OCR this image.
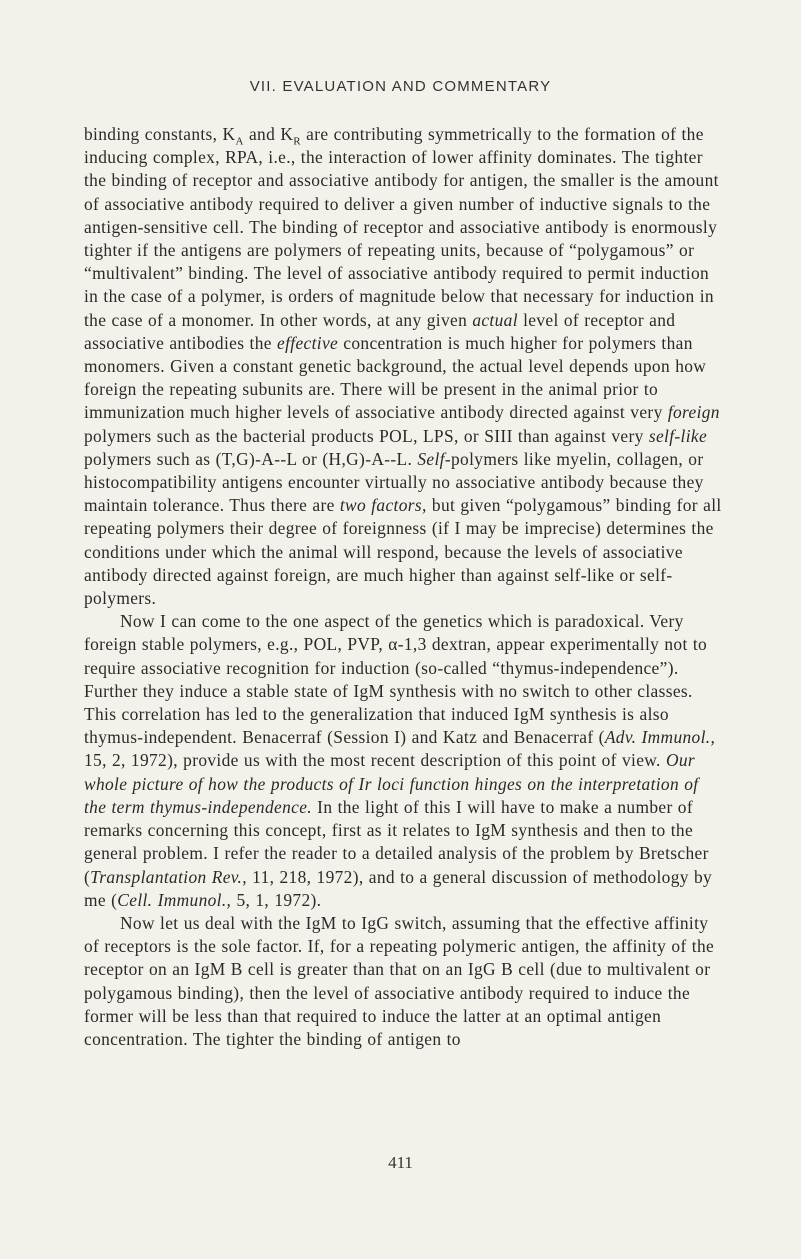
VII. EVALUATION AND COMMENTARY

binding constants, $K_A$ and $K_R$ are contributing symmetrically to the formation of the inducing complex, RPA, i.e., the interaction of lower affinity dominates. The tighter the binding of receptor and associative antibody for antigen, the smaller is the amount of associative antibody required to deliver a given number of inductive signals to the antigen-sensitive cell. The binding of receptor and associative antibody is enormously tighter if the antigens are polymers of repeating units, because of “polygamous” or “multivalent” binding. The level of associative antibody required to permit induction in the case of a polymer, is orders of magnitude below that necessary for induction in the case of a monomer. In other words, at any given actual level of receptor and associative antibodies the effective concentration is much higher for polymers than monomers. Given a constant genetic background, the actual level depends upon how foreign the repeating subunits are. There will be present in the animal prior to immunization much higher levels of associative antibody directed against very foreign polymers such as the bacterial products POL, LPS, or SIII than against very self-like polymers such as (T,G)-A--L or (H,G)-A--L. Self-polymers like myelin, collagen, or histocompatibility antigens encounter virtually no associative antibody because they maintain tolerance. Thus there are two factors, but given “polygamous” binding for all repeating polymers their degree of foreignness (if I may be imprecise) determines the conditions under which the animal will respond, because the levels of associative antibody directed against foreign, are much higher than against self-like or self-polymers.

Now I can come to the one aspect of the genetics which is paradoxical. Very foreign stable polymers, e.g., POL, PVP, α-1,3 dextran, appear experimentally not to require associative recognition for induction (so-called “thymus-independence”). Further they induce a stable state of IgM synthesis with no switch to other classes. This correlation has led to the generalization that induced IgM synthesis is also thymus-independent. Benacerraf (Session I) and Katz and Benacerraf (Adv. Immunol., 15, 2, 1972), provide us with the most recent description of this point of view. Our whole picture of how the products of Ir loci function hinges on the interpretation of the term thymus-independence. In the light of this I will have to make a number of remarks concerning this concept, first as it relates to IgM synthesis and then to the general problem. I refer the reader to a detailed analysis of the problem by Bretscher (Transplantation Rev., 11, 218, 1972), and to a general discussion of methodology by me (Cell. Immunol., 5, 1, 1972).

Now let us deal with the IgM to IgG switch, assuming that the effective affinity of receptors is the sole factor. If, for a repeating polymeric antigen, the affinity of the receptor on an IgM B cell is greater than that on an IgG B cell (due to multivalent or polygamous binding), then the level of associative antibody required to induce the former will be less than that required to induce the latter at an optimal antigen concentration. The tighter the binding of antigen to

411
